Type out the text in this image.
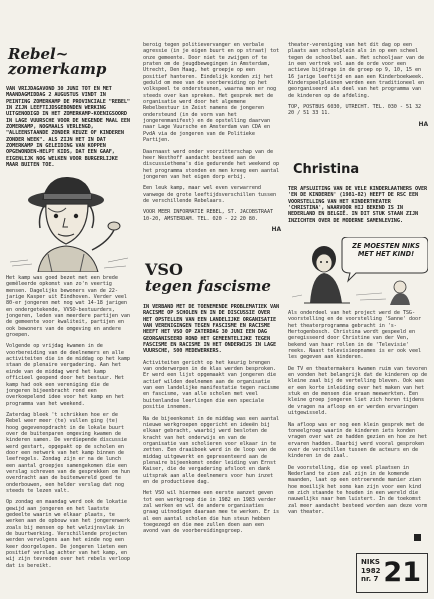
Rebel~
zomerkamp

VAN VRIJDAGAVOND 30 JUNI TOT EN MET MAANDAGMIDDAG 2 AUGUSTUS VINDT IN PEINTING ZOMERKAMP DE PROVINCIALE "REBEL" IN ZIJN LEEFTIJDSGEBONDEN WERKING UITGENODIGD IN HET ZOMERKAMP-KOENIGSOORD IN LAGE VUURSCHE VOOR DE NEGENDE MAAL EEN ZOMERKAMP, NOGMAALS VERLENGD, "ALLEENSTAANDE ZONDER KEUZE OF KINDEREN ZONDER WEEK". ALS ZIJN HET IN DAT ZOMERKAMP IN GELEIDING VAN KOPPEN OPGEWONDEN-HELPT KIDS, DAT EEN GAAF, EIGENLIJK NOG WELKEN VOOR BURGERLIJKE MAAR BUITEN TOE.

Het kamp was goed bezet met een brede gemêleerde opkomst van zo'n veertig mensen. Dagelijks bewoners van de 22-jarige Kasper uit Eindhoven. Verder veel 80-er jongeren met nog wat 14-18 jarigen en ondergetekende, VVSO-bestuurders, jongeren, leden van meerdere partijen van de gemeente voor kwaliteit, partijen en ook bewoners van de omgeving en andere groepen.

Volgende op vrijdag kwamen in de voorbereiding van de deelnemers en alle activiteiten die in de middag op het kamp staan de plenaire vergadering. Aan het einde van de middag werd het kamp officieel geopend door het bestuur. Het kamp had ook een vereniging die de jongeren bijeenbracht rond een overkoepelend idee voor het kamp en het programma van het weekend.

Zaterdag bleek 't schrikken hoe er de Rebel weer meer (te) vullen ging (te) hoog gegevenopdracht in de lokale buurt over de buitenparen omgeving kwamen de kinderen samen. De verdiepende discussie werd gestart, opgepakt op de scholen en door een netwerk van het kamp binnen de leefregels. Zondag zijn er na de lunch een aantal groepjes samengekomen die een verslag schreven van de gesprekken om hun overdracht aan de buitenwereld goed te onderbouwen, een helder verslag dat nog steeds te lezen valt.

Op zondag en maandag werd ook de lokatie gewijd aan jongeren en het laatste gedeelte waarin we elkaar plaats, te werken aan de opbouw van het jongerenwerk zoals bij mensen op het welzijnsvlak in de buurtwerking. Verschillende projecten werden vervolgens aan het einde nog een keer doorgelopen. De jongeren lieten een positief verslag achter van het kamp, en wij zijn tevreden over het rebels verloop dat is bereikt.

beroig tegen politievervanger en verbale agressie (in je eigen buurt en op straat) tot onze gemeente. Door niet te zwijgen of te praten om de jeugdbewegingen in Amsterdam, Utrecht, Den Haag, het groepje op een positief hanteren. Eindelijk konden zij het geduld om mee van de voorbereiding op het volkspeel te ondersteunen, waarna men er nog steeds over kan spreken. Het gesprek met de organisatie werd door het algemene Rebelbestuur in Zeist namens de jongeren ondersteund (in de vorm van het jongerenmanifest) en de opstelling daarvan naar Lage Vuursche en Amsterdam van CDA en PvdA via de jongeren van de Politieke Partijen.

Daarnaast werd onder voorzitterschap van de heer Westhoff aandacht besteed aan de discussiethema's die gedurende het weekend op het programma stonden en men kreeg een aantal jongeren van het eigen dorp erbij.

Een leuk kamp, maar wel even verwarrend vanwege de grote leeftijdsverschillen tussen de verschillende Rebelaars.

VOOR MEER INFORMATIE REBEL, ST. JACOBSTRAAT 10-20, AMSTERDAM. TEL. 020 - 22 20 80.

HA

VSO
tegen fascisme

IN VERBAND MET DE TOENEMENDE PROBLEMATIEK VAN RACISME OP SCHOLEN EN IN DE DISCUSSIE OVER HET OPSTELLEN VAN EEN LANDELIJKE ORGANISATIE VAN VERENIGINGEN TEGEN FASCISME EN RACISME HEEFT HET VSO OP ZATERDAG 30 JUNI EEN DAG GEORGANISEERD ROND HET GEMEENTELIJKE TEGEN FASCISME EN RACISME IN HET ONDERWIJS IN LAGE VUURSCHE, 500 MEDEWERKERS.

Activiteiten gericht op het keurig brengen van onderwerpen in de klas werden besproken. Er werd een lijst opgemaakt van jongeren die actief wilden deelnemen aan de organisatie van een landelijke manifestatie tegen racisme en fascisme, van alle scholen met veel buitenlandse leerlingen die een speciale positie innemen.

Na de bijeenkomst in de middag was een aantal nieuwe werkgroepen opgericht en ideeën bij elkaar gebracht, waarbij werd besloten de kracht van het onderwijs en van de organisatie van scholieren voor elkaar in te zetten. Een draaiboek werd in de loop van de middag uitgewerkt en gepresenteerd aan de plenaire bijeenkomst onder leiding van Ernst Kaiser, die de vergadering afsloot en dank uitsprak aan alle deelnemers voor hun inzet en de productieve dag.

Het VSO wil hiermee een eerste aanzet geven tot een werkgroep die in 1982 en 1983 verder zal werken en wil de andere organisaties graag uitnodigen daaraan mee te werken. Er is al een aantal scholen die hun steun hebben toegezegd en die mee zullen doen aan een avond van de voorbereidingsgroep.

theater-vereniging van het dit dag op een plaats aan schoolplein als in op een scheel tegen de schoolbel aan. Het schooljaar van de in een vertrek vol aan de orde voor een actieve bijdrage in de groep op 9, 10, 15 en 16 jarige leeftijd en aan een Kinderboekweek. Kinderspeelpleinen werden een traditioneel en georganiseerd als deel van het programma van de kinderen op de afdeling.

TOP, POSTBUS 6030, UTRECHT. TEL. 030 - 51 32 20 / 51 33 11.

HA

Christina

TER AFSLUITING VAN DE VELE KINDERLAATNERS OVER 'EN DE KINDEREN' (1981-82) HEEFT DE RSC EEN VOORSTELLING VAN HET KINDERTHEATER 'CHRISTINA', WAARVOOR HIJ BEKEND IS IN NEDERLAND EN BELGIË. IN DIT STUK STAAN ZIJN INZICHTEN OVER DE MODERNE SAMENLEVING.

ZE MOESTEN NIKS MET HET KIND!

Als onderdeel van het project werd de TSG-voorstelling en de voorstelling 'Sanne' door het theaterprogramma gebracht in 's-Hertogenbosch. Christina wordt gespeeld en geregisseerd door Christine van der Ven, bekend van haar rollen in de 'Televisie' reeks. Naast televisieopnames is er ook veel les gegeven aan kinderen.

De TV en theatermakers kwamen ruim van tevoren en vonden het belangrijk dat de kinderen op de kleine zaal bij de vertelling bleven. Ook was er een korte inleiding over het maken van het stuk en de mensen die eraan meewerkten. Een kleine groep jongeren liet zich horen tijdens de vragen na afloop en er werden ervaringen uitgewisseld.

Na afloop was er nog een klein gesprek met de toneelgroep waarin de kinderen iets konden vragen over wat ze hadden gezien en hoe ze het ervaren hadden. Daarbij werd vooral gesproken over de verschillen tussen de acteurs en de kinderen in de zaal.

De voorstelling, die op veel plaatsen in Nederland te zien zal zijn in de komende maanden, laat op een ontroerende manier zien hoe moeilijk het soms kan zijn voor een kind om zich staande te houden in een wereld die nauwelijks naar hem luistert. In de toekomst zal meer aandacht besteed worden aan deze vorm van theater.

NIKS
1982
nr. 7 21
